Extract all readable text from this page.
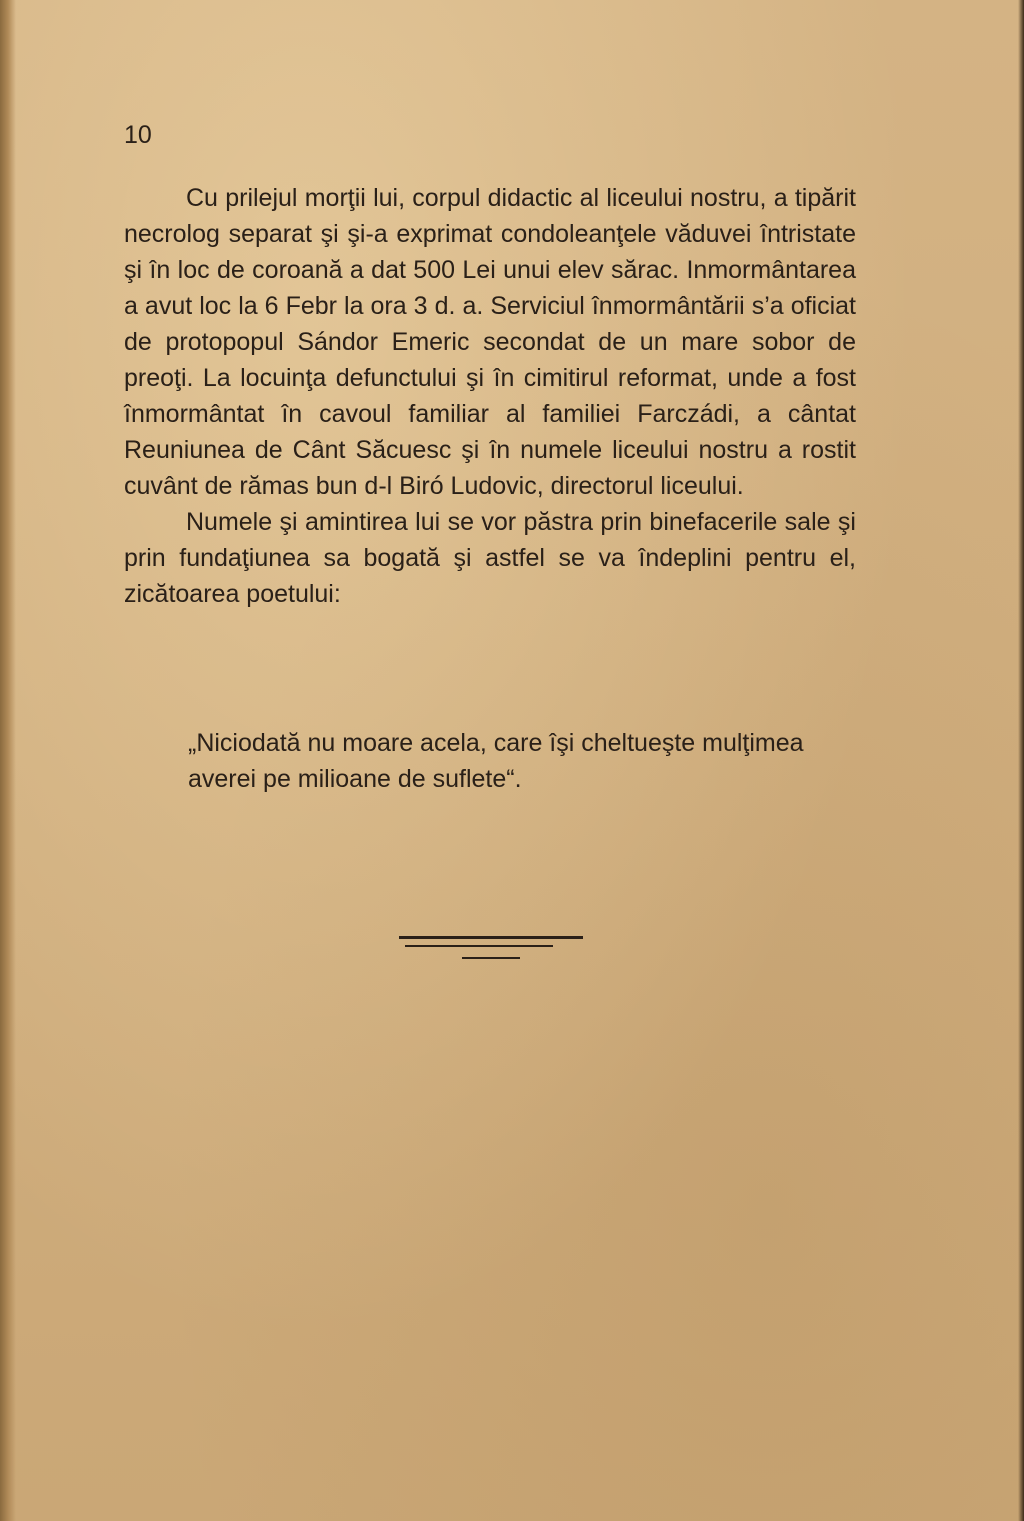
10

Cu prilejul morţii lui, corpul didactic al liceului nostru, a tipărit necrolog separat şi şi-a exprimat condoleanţele văduvei întristate şi în loc de coroană a dat 500 Lei unui elev sărac. Inmormântarea a avut loc la 6 Febr la ora 3 d. a. Serviciul înmormântării s’a oficiat de protopopul Sándor Emeric secondat de un mare sobor de preoţi. La locuinţa defunctului şi în cimitirul reformat, unde a fost înmormântat în cavoul familiar al familiei Farczádi, a cântat Reuniunea de Cânt Săcuesc şi în numele liceului nostru a rostit cuvânt de rămas bun d-l Biró Ludovic, directorul liceului.

Numele şi amintirea lui se vor păstra prin binefacerile sale şi prin fundaţiunea sa bogată şi astfel se va îndeplini pentru el, zicătoarea poetului:

„Niciodată nu moare acela, care îşi cheltueşte mulţimea averei pe milioane de suflete“.
